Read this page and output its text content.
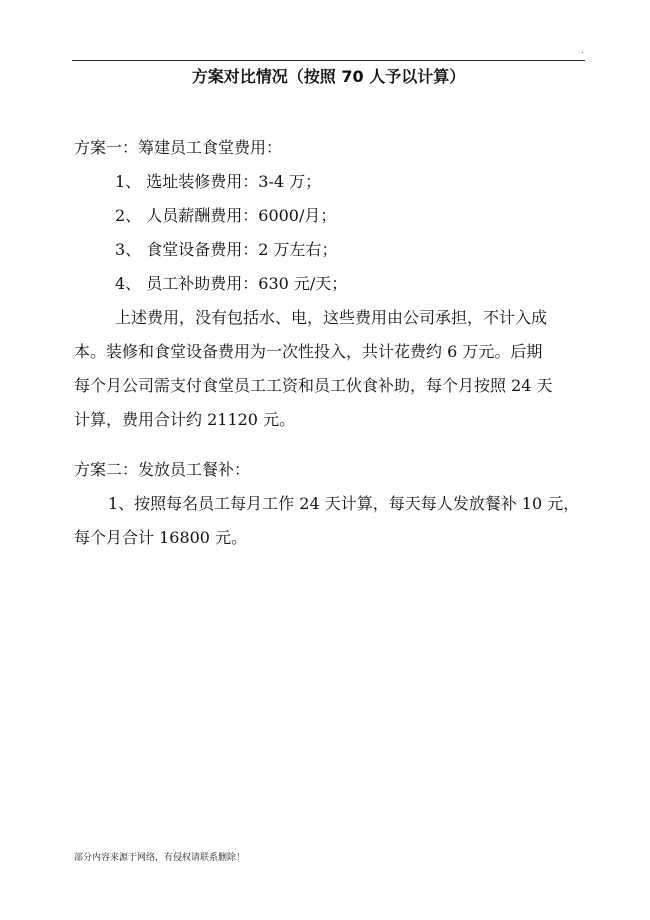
.
方案对比情况（按照 70 人予以计算）
方案一：筹建员工食堂费用：
1、 选址装修费用：3-4 万；
2、 人员薪酬费用：6000/月；
3、 食堂设备费用：2 万左右；
4、 员工补助费用：630 元/天；
上述费用，没有包括水、电，这些费用由公司承担，不计入成
本。装修和食堂设备费用为一次性投入，共计花费约 6 万元。后期
每个月公司需支付食堂员工工资和员工伙食补助，每个月按照 24 天
计算，费用合计约 21120 元。
方案二：发放员工餐补：
1、按照每名员工每月工作 24 天计算，每天每人发放餐补 10 元，
每个月合计 16800 元。
部分内容来源于网络，有侵权请联系删除！
